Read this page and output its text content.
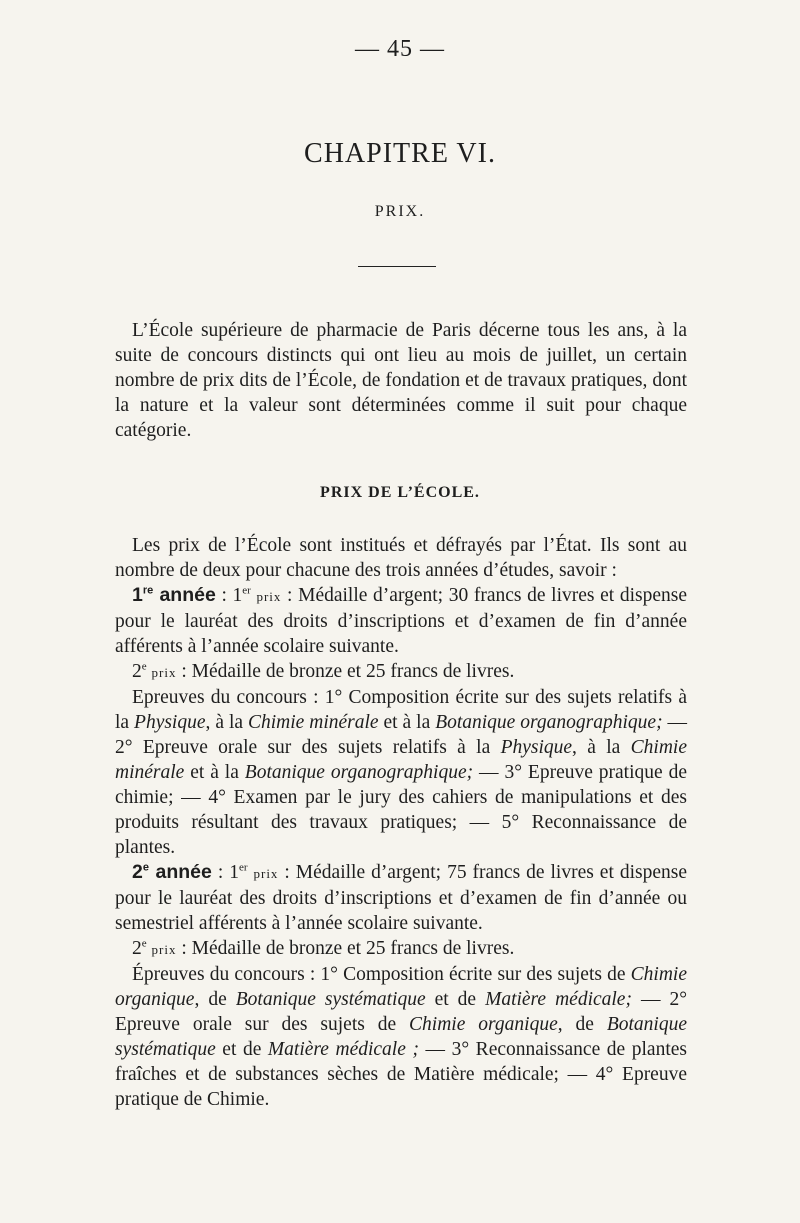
— 45 —
CHAPITRE VI.
PRIX.

L’École supérieure de pharmacie de Paris décerne tous les ans, à la suite de concours distincts qui ont lieu au mois de juillet, un certain nombre de prix dits de l’École, de fondation et de travaux pratiques, dont la nature et la valeur sont déterminées comme il suit pour chaque catégorie.

PRIX DE L’ÉCOLE.

Les prix de l’École sont institués et défrayés par l’État. Ils sont au nombre de deux pour chacune des trois années d’études, savoir :

1re année : 1er prix : Médaille d’argent; 30 francs de livres et dispense pour le lauréat des droits d’inscriptions et d’examen de fin d’année afférents à l’année scolaire suivante.

2e prix : Médaille de bronze et 25 francs de livres.

Epreuves du concours : 1° Composition écrite sur des sujets relatifs à la Physique, à la Chimie minérale et à la Botanique organographique; — 2° Epreuve orale sur des sujets relatifs à la Physique, à la Chimie minérale et à la Botanique organographique; — 3° Epreuve pratique de chimie; — 4° Examen par le jury des cahiers de manipulations et des produits résultant des travaux pratiques; — 5° Reconnaissance de plantes.

2e année : 1er prix : Médaille d’argent; 75 francs de livres et dispense pour le lauréat des droits d’inscriptions et d’examen de fin d’année ou semestriel afférents à l’année scolaire suivante.

2e prix : Médaille de bronze et 25 francs de livres.

Épreuves du concours : 1° Composition écrite sur des sujets de Chimie organique, de Botanique systématique et de Matière médicale; — 2° Epreuve orale sur des sujets de Chimie organique, de Botanique systématique et de Matière médicale ; — 3° Reconnaissance de plantes fraîches et de substances sèches de Matière médicale; — 4° Epreuve pratique de Chimie.
